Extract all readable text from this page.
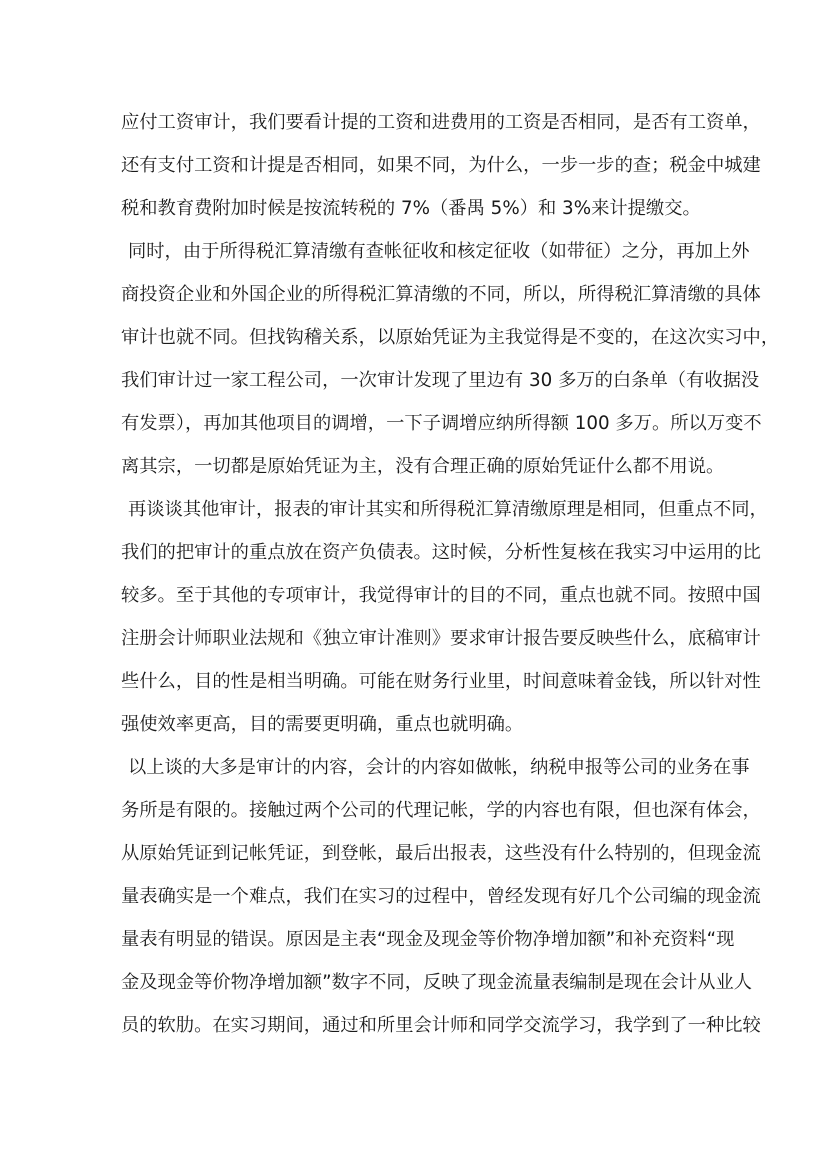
应付工资审计，我们要看计提的工资和进费用的工资是否相同，是否有工资单，
还有支付工资和计提是否相同，如果不同，为什么，一步一步的查；税金中城建
税和教育费附加时候是按流转税的 7%（番禺 5%）和 3%来计提缴交。
同时，由于所得税汇算清缴有查帐征收和核定征收（如带征）之分，再加上外
商投资企业和外国企业的所得税汇算清缴的不同，所以，所得税汇算清缴的具体
审计也就不同。但找钩稽关系，以原始凭证为主我觉得是不变的，在这次实习中，
我们审计过一家工程公司，一次审计发现了里边有 30 多万的白条单（有收据没
有发票），再加其他项目的调增，一下子调增应纳所得额 100 多万。所以万变不
离其宗，一切都是原始凭证为主，没有合理正确的原始凭证什么都不用说。
再谈谈其他审计，报表的审计其实和所得税汇算清缴原理是相同，但重点不同，
我们的把审计的重点放在资产负债表。这时候，分析性复核在我实习中运用的比
较多。至于其他的专项审计，我觉得审计的目的不同，重点也就不同。按照中国
注册会计师职业法规和《独立审计准则》要求审计报告要反映些什么，底稿审计
些什么，目的性是相当明确。可能在财务行业里，时间意味着金钱，所以针对性
强使效率更高，目的需要更明确，重点也就明确。
以上谈的大多是审计的内容，会计的内容如做帐，纳税申报等公司的业务在事
务所是有限的。接触过两个公司的代理记帐，学的内容也有限，但也深有体会，
从原始凭证到记帐凭证，到登帐，最后出报表，这些没有什么特别的，但现金流
量表确实是一个难点，我们在实习的过程中，曾经发现有好几个公司编的现金流
量表有明显的错误。原因是主表“现金及现金等价物净增加额”和补充资料“现
金及现金等价物净增加额”数字不同，反映了现金流量表编制是现在会计从业人
员的软肋。在实习期间，通过和所里会计师和同学交流学习，我学到了一种比较
